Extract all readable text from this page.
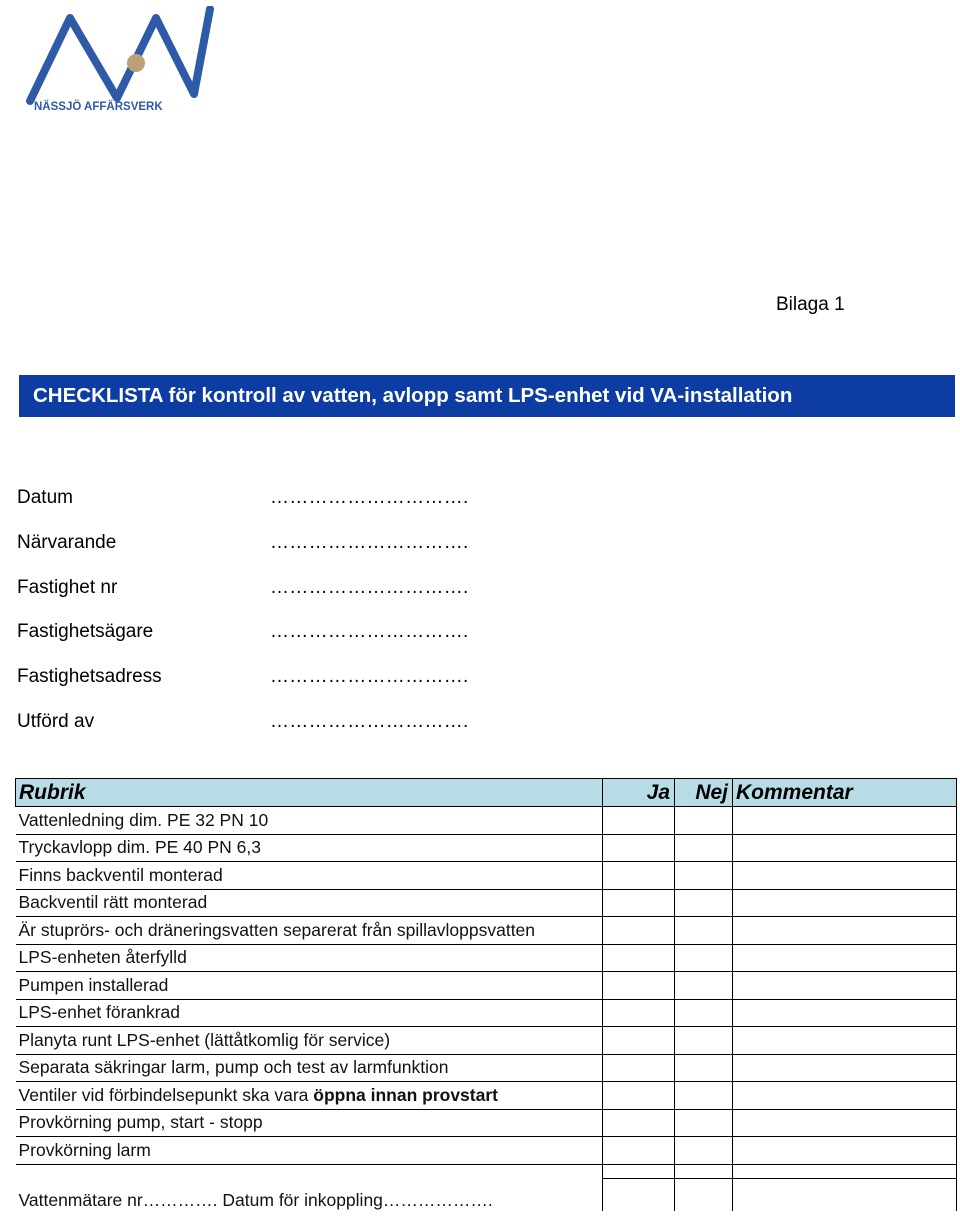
NÄSSJÖ AFFÄRSVERK
Bilaga 1
CHECKLISTA för kontroll av vatten, avlopp samt LPS-enhet vid VA-installation
Datum	………………………….
Närvarande	………………………….
Fastighet nr	………………………….
Fastighetsägare	………………………….
Fastighetsadress	………………………….
Utförd av	………………………….
Rubrik	Ja	Nej	Kommentar
Vattenledning dim. PE 32 PN 10			
Tryckavlopp dim. PE 40 PN 6,3			
Finns backventil monterad			
Backventil rätt monterad			
Är stuprörs- och dräneringsvatten separerat från spillavloppsvatten			
LPS-enheten återfylld			
Pumpen installerad			
LPS-enhet förankrad			
Planyta runt LPS-enhet (lättåtkomlig för service)			
Separata säkringar larm, pump och test av larmfunktion			
Ventiler vid förbindelsepunkt ska vara öppna innan provstart			
Provkörning pump, start - stopp			
Provkörning larm			

Vattenmätare nr…………. Datum för inkoppling……………….			
